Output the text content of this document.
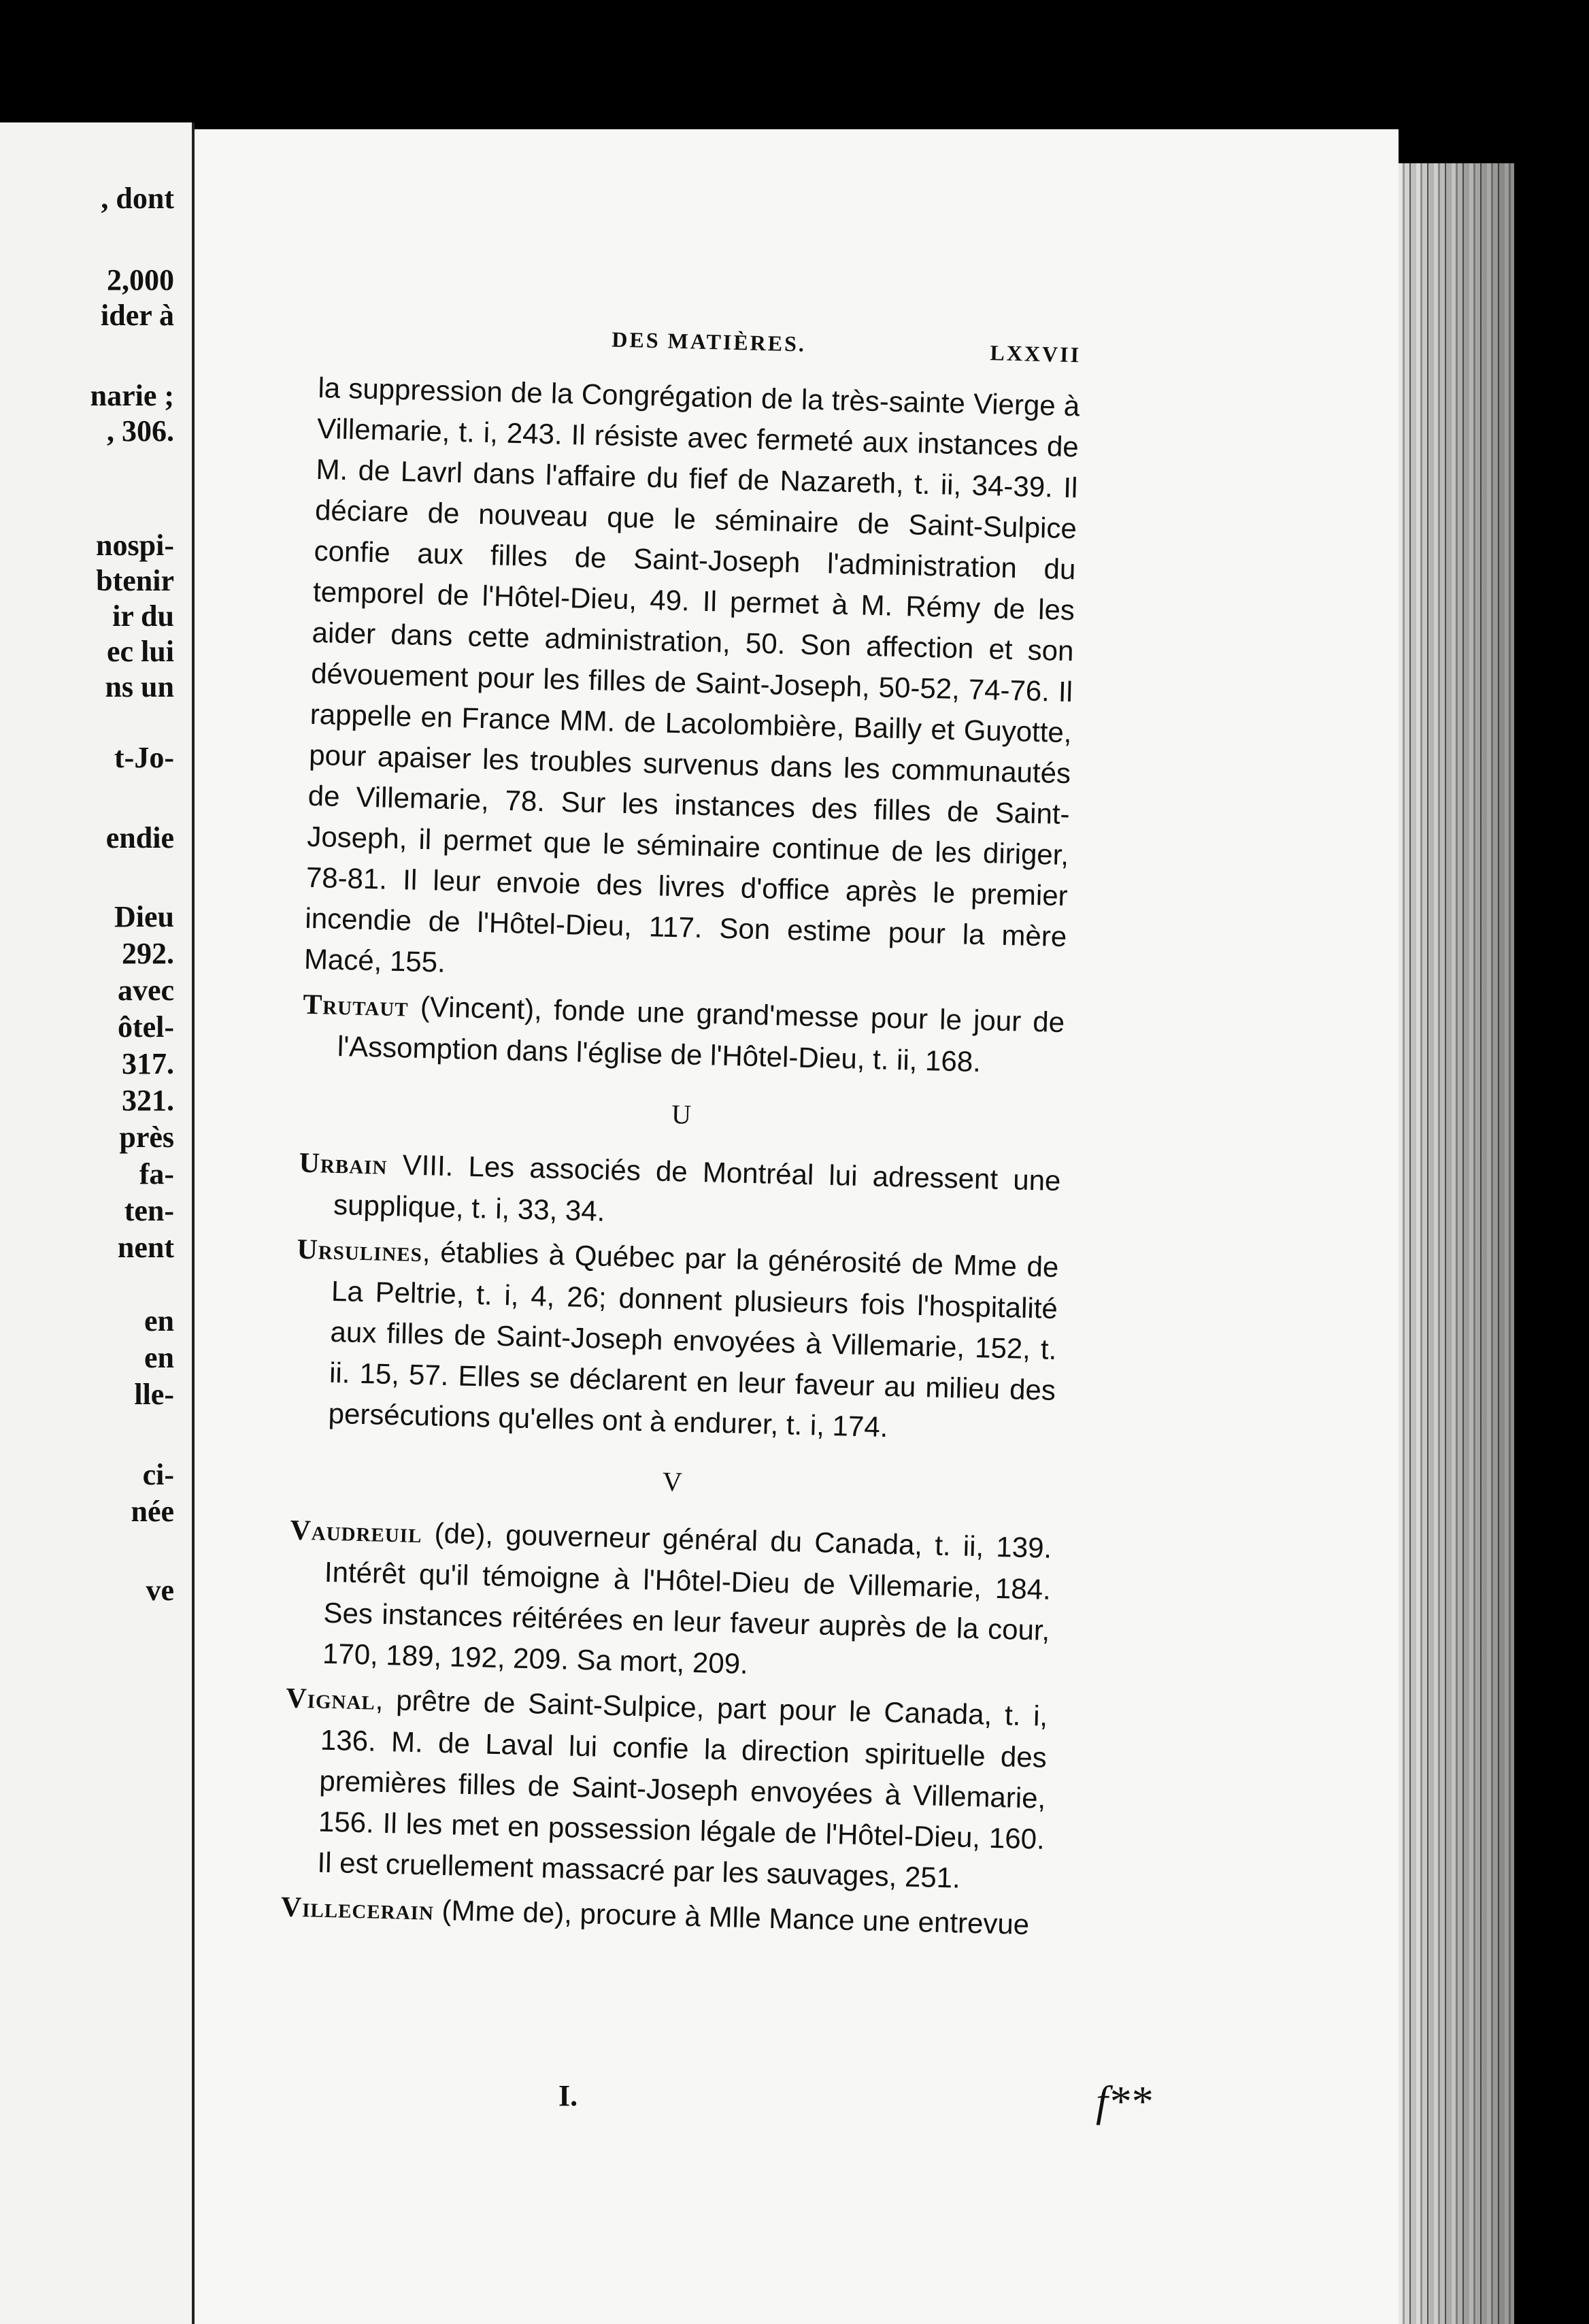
, dont
2,000
ider à
narie ;
, 306.
nospi-
btenir
ir du
ec lui
ns un
t-Jo-
endie
Dieu
292.
avec
ôtel-
317.
321.
près
fa-
ten-
nent
en
en
lle-
ci-
née
ve
I.	f**
DES MATIÈRES.	LXXVII
la suppression de la Congrégation de la très-sainte Vierge à Villemarie, t. i, 243. Il résiste avec fermeté aux instances de M. de Lavrl dans l'affaire du fief de Nazareth, t. ii, 34-39. Il déciare de nouveau que le séminaire de Saint-Sulpice confie aux filles de Saint-Joseph l'administration du temporel de l'Hôtel-Dieu, 49. Il permet à M. Rémy de les aider dans cette administration, 50. Son affection et son dévouement pour les filles de Saint-Joseph, 50-52, 74-76. Il rappelle en France MM. de Lacolombière, Bailly et Guyotte, pour apaiser les troubles survenus dans les communautés de Villemarie, 78. Sur les instances des filles de Saint-Joseph, il permet que le séminaire continue de les diriger, 78-81. Il leur envoie des livres d'office après le premier incendie de l'Hôtel-Dieu, 117. Son estime pour la mère Macé, 155.
Trutaut (Vincent), fonde une grand'messe pour le jour de l'Assomption dans l'église de l'Hôtel-Dieu, t. ii, 168.
U
Urbain VIII. Les associés de Montréal lui adressent une supplique, t. i, 33, 34.
Ursulines, établies à Québec par la générosité de Mme de La Peltrie, t. i, 4, 26; donnent plusieurs fois l'hospitalité aux filles de Saint-Joseph envoyées à Villemarie, 152, t. ii. 15, 57. Elles se déclarent en leur faveur au milieu des persécutions qu'elles ont à endurer, t. i, 174.
V
Vaudreuil (de), gouverneur général du Canada, t. ii, 139. Intérêt qu'il témoigne à l'Hôtel-Dieu de Villemarie, 184. Ses instances réitérées en leur faveur auprès de la cour, 170, 189, 192, 209. Sa mort, 209.
Vignal, prêtre de Saint-Sulpice, part pour le Canada, t. i, 136. M. de Laval lui confie la direction spirituelle des premières filles de Saint-Joseph envoyées à Villemarie, 156. Il les met en possession légale de l'Hôtel-Dieu, 160. Il est cruellement massacré par les sauvages, 251.
Villecerain (Mme de), procure à Mlle Mance une entrevue
